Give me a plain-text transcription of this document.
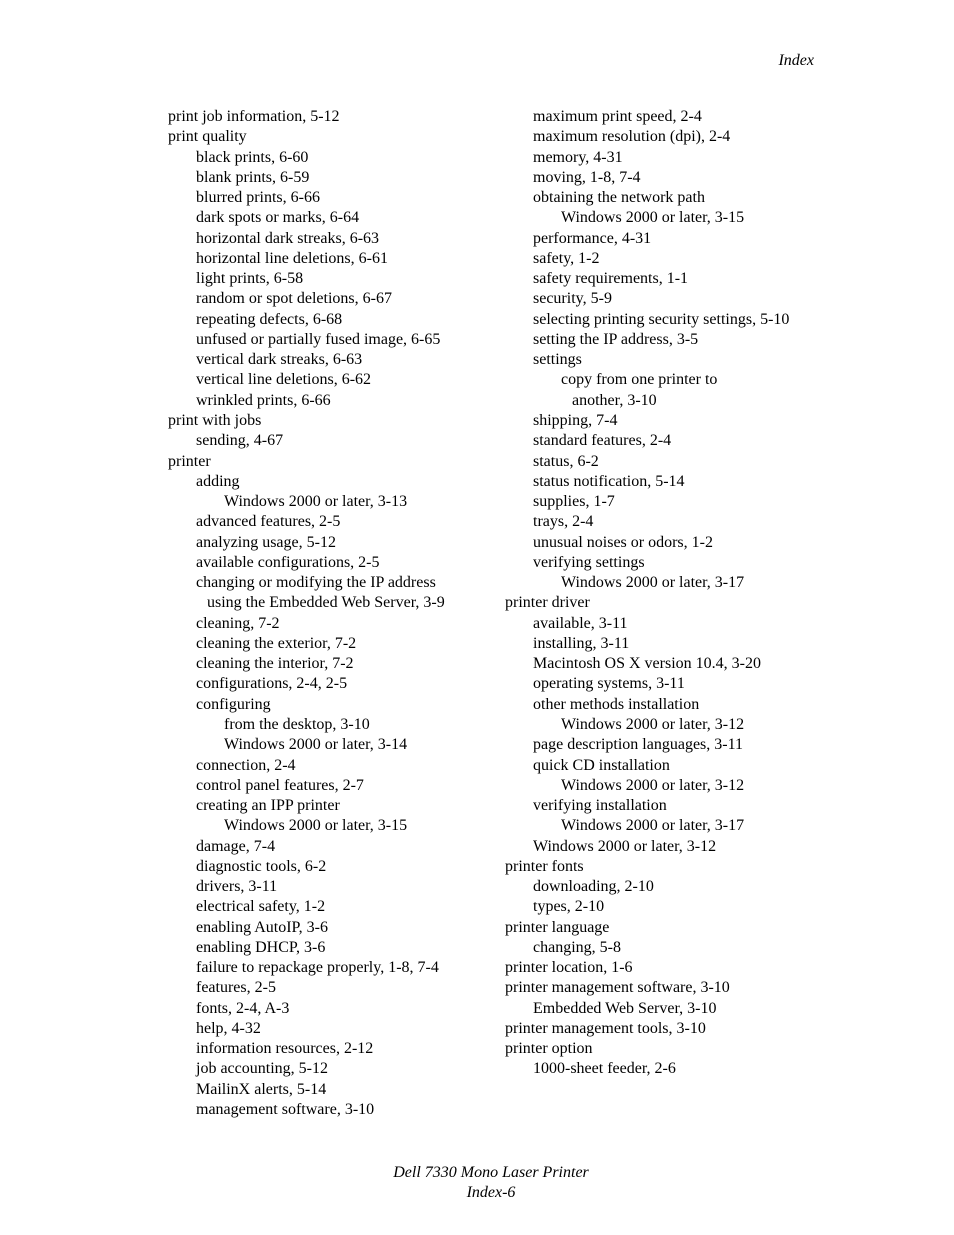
Index
print job information, 5-12
print quality
black prints, 6-60
blank prints, 6-59
blurred prints, 6-66
dark spots or marks, 6-64
horizontal dark streaks, 6-63
horizontal line deletions, 6-61
light prints, 6-58
random or spot deletions, 6-67
repeating defects, 6-68
unfused or partially fused image, 6-65
vertical dark streaks, 6-63
vertical line deletions, 6-62
wrinkled prints, 6-66
print with jobs
sending, 4-67
printer
adding
Windows 2000 or later, 3-13
advanced features, 2-5
analyzing usage, 5-12
available configurations, 2-5
changing or modifying the IP address
using the Embedded Web Server, 3-9
cleaning, 7-2
cleaning the exterior, 7-2
cleaning the interior, 7-2
configurations, 2-4, 2-5
configuring
from the desktop, 3-10
Windows 2000 or later, 3-14
connection, 2-4
control panel features, 2-7
creating an IPP printer
Windows 2000 or later, 3-15
damage, 7-4
diagnostic tools, 6-2
drivers, 3-11
electrical safety, 1-2
enabling AutoIP, 3-6
enabling DHCP, 3-6
failure to repackage properly, 1-8, 7-4
features, 2-5
fonts, 2-4, A-3
help, 4-32
information resources, 2-12
job accounting, 5-12
MailinX alerts, 5-14
management software, 3-10
maximum print speed, 2-4
maximum resolution (dpi), 2-4
memory, 4-31
moving, 1-8, 7-4
obtaining the network path
Windows 2000 or later, 3-15
performance, 4-31
safety, 1-2
safety requirements, 1-1
security, 5-9
selecting printing security settings, 5-10
setting the IP address, 3-5
settings
copy from one printer to
another, 3-10
shipping, 7-4
standard features, 2-4
status, 6-2
status notification, 5-14
supplies, 1-7
trays, 2-4
unusual noises or odors, 1-2
verifying settings
Windows 2000 or later, 3-17
printer driver
available, 3-11
installing, 3-11
Macintosh OS X version 10.4, 3-20
operating systems, 3-11
other methods installation
Windows 2000 or later, 3-12
page description languages, 3-11
quick CD installation
Windows 2000 or later, 3-12
verifying installation
Windows 2000 or later, 3-17
Windows 2000 or later, 3-12
printer fonts
downloading, 2-10
types, 2-10
printer language
changing, 5-8
printer location, 1-6
printer management software, 3-10
Embedded Web Server, 3-10
printer management tools, 3-10
printer option
1000-sheet feeder, 2-6
Dell 7330 Mono Laser Printer
Index-6
